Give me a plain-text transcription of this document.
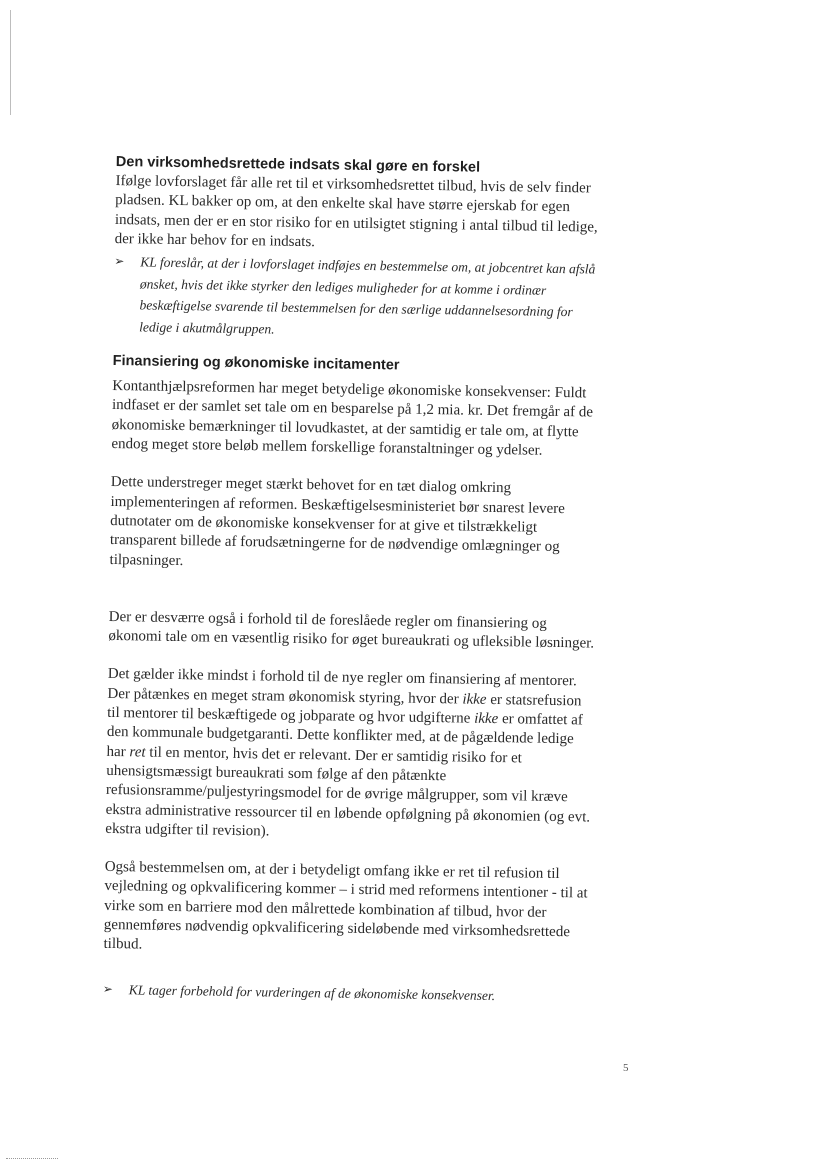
Den virksomhedsrettede indsats skal gøre en forskel

Ifølge lovforslaget får alle ret til et virksomhedsrettet tilbud, hvis de selv finder pladsen. KL bakker op om, at den enkelte skal have større ejerskab for egen indsats, men der er en stor risiko for en utilsigtet stigning i antal tilbud til ledige, der ikke har behov for en indsats.

➢	KL foreslår, at der i lovforslaget indføjes en bestemmelse om, at jobcentret kan afslå ønsket, hvis det ikke styrker den lediges muligheder for at komme i ordinær beskæftigelse svarende til bestemmelsen for den særlige uddannelsesordning for ledige i akutmålgruppen.
Finansiering og økonomiske incitamenter

Kontanthjælpsreformen har meget betydelige økonomiske konsekvenser: Fuldt indfaset er der samlet set tale om en besparelse på 1,2 mia. kr. Det fremgår af de økonomiske bemærkninger til lovudkastet, at der samtidig er tale om, at flytte endog meget store beløb mellem forskellige foranstaltninger og ydelser.

Dette understreger meget stærkt behovet for en tæt dialog omkring implementeringen af reformen. Beskæftigelsesministeriet bør snarest levere dutnotater om de økonomiske konsekvenser for at give et tilstrækkeligt transparent billede af forudsætningerne for de nødvendige omlægninger og tilpasninger.

Der er desværre også i forhold til de foreslåede regler om finansiering og økonomi tale om en væsentlig risiko for øget bureaukrati og ufleksible løsninger.

Det gælder ikke mindst i forhold til de nye regler om finansiering af mentorer. Der påtænkes en meget stram økonomisk styring, hvor der ikke er statsrefusion til mentorer til beskæftigede og jobparate og hvor udgifterne ikke er omfattet af den kommunale budgetgaranti. Dette konflikter med, at de pågældende ledige har ret til en mentor, hvis det er relevant. Der er samtidig risiko for et uhensigtsmæssigt bureaukrati som følge af den påtænkte refusionsramme/puljestyringsmodel for de øvrige målgrupper, som vil kræve ekstra administrative ressourcer til en løbende opfølgning på økonomien (og evt. ekstra udgifter til revision).

Også bestemmelsen om, at der i betydeligt omfang ikke er ret til refusion til vejledning og opkvalificering kommer – i strid med reformens intentioner - til at virke som en barriere mod den målrettede kombination af tilbud, hvor der gennemføres nødvendig opkvalificering sideløbende med virksomhedsrettede tilbud.

➢	KL tager forbehold for vurderingen af de økonomiske konsekvenser.
5
